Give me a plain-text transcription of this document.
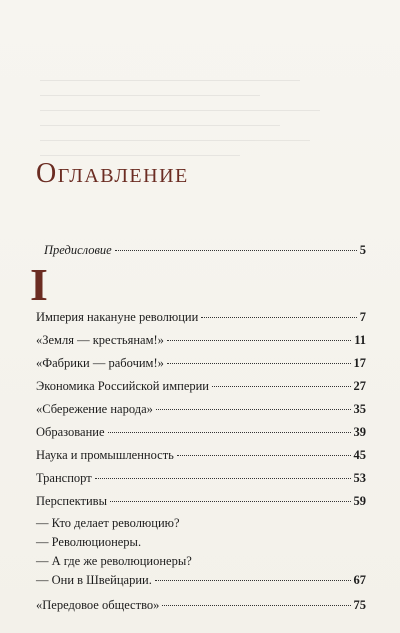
Оглавление
Предисловие	5
I
Империя накануне революции	7
«Земля — крестьянам!»	11
«Фабрики — рабочим!»	17
Экономика Российской империи	27
«Сбережение народа»	35
Образование	39
Наука и промышленность	45
Транспорт	53
Перспективы	59
— Кто делает революцию?
— Революционеры.
— А где же революционеры?
— Они в Швейцарии.	67
«Передовое общество»	75
